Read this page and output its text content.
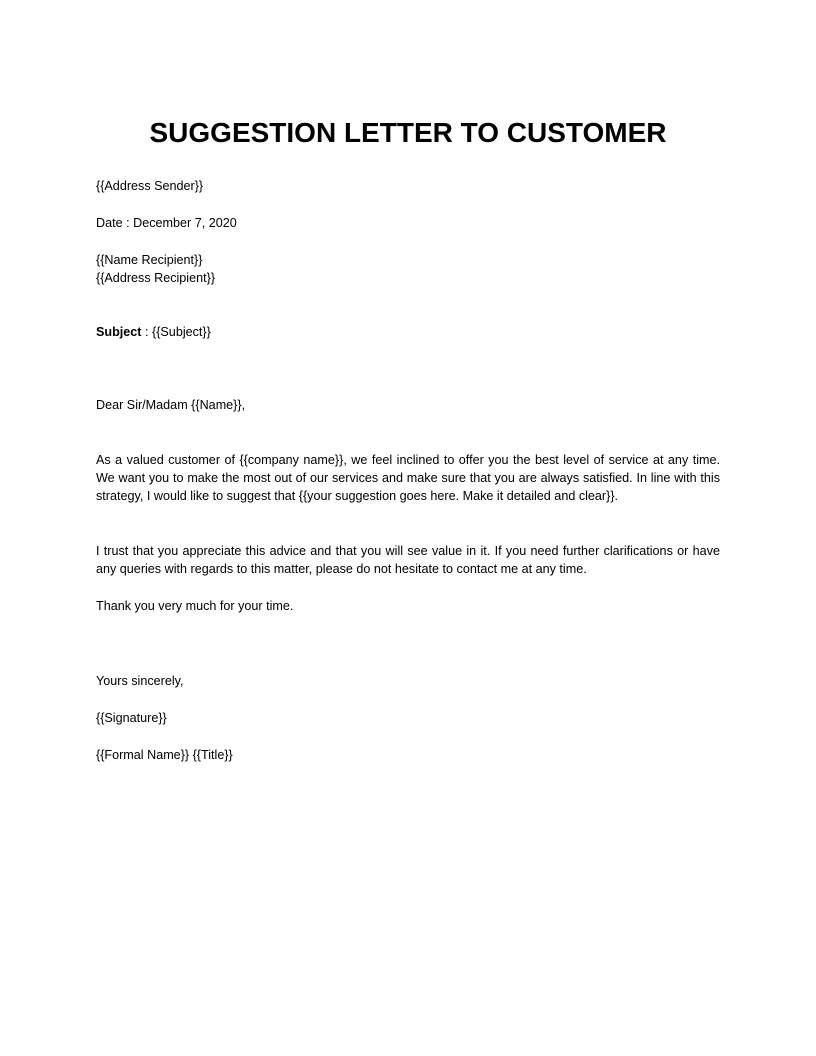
SUGGESTION LETTER TO CUSTOMER
{{Address Sender}}
Date : December 7, 2020
{{Name Recipient}}
{{Address Recipient}}
Subject : {{Subject}}
Dear Sir/Madam {{Name}},
As a valued customer of {{company name}}, we feel inclined to offer you the best level of service at any time. We want you to make the most out of our services and make sure that you are always satisfied. In line with this strategy, I would like to suggest that {{your suggestion goes here. Make it detailed and clear}}.
I trust that you appreciate this advice and that you will see value in it. If you need further clarifications or have any queries with regards to this matter, please do not hesitate to contact me at any time.
Thank you very much for your time.
Yours sincerely,
{{Signature}}
{{Formal Name}} {{Title}}
